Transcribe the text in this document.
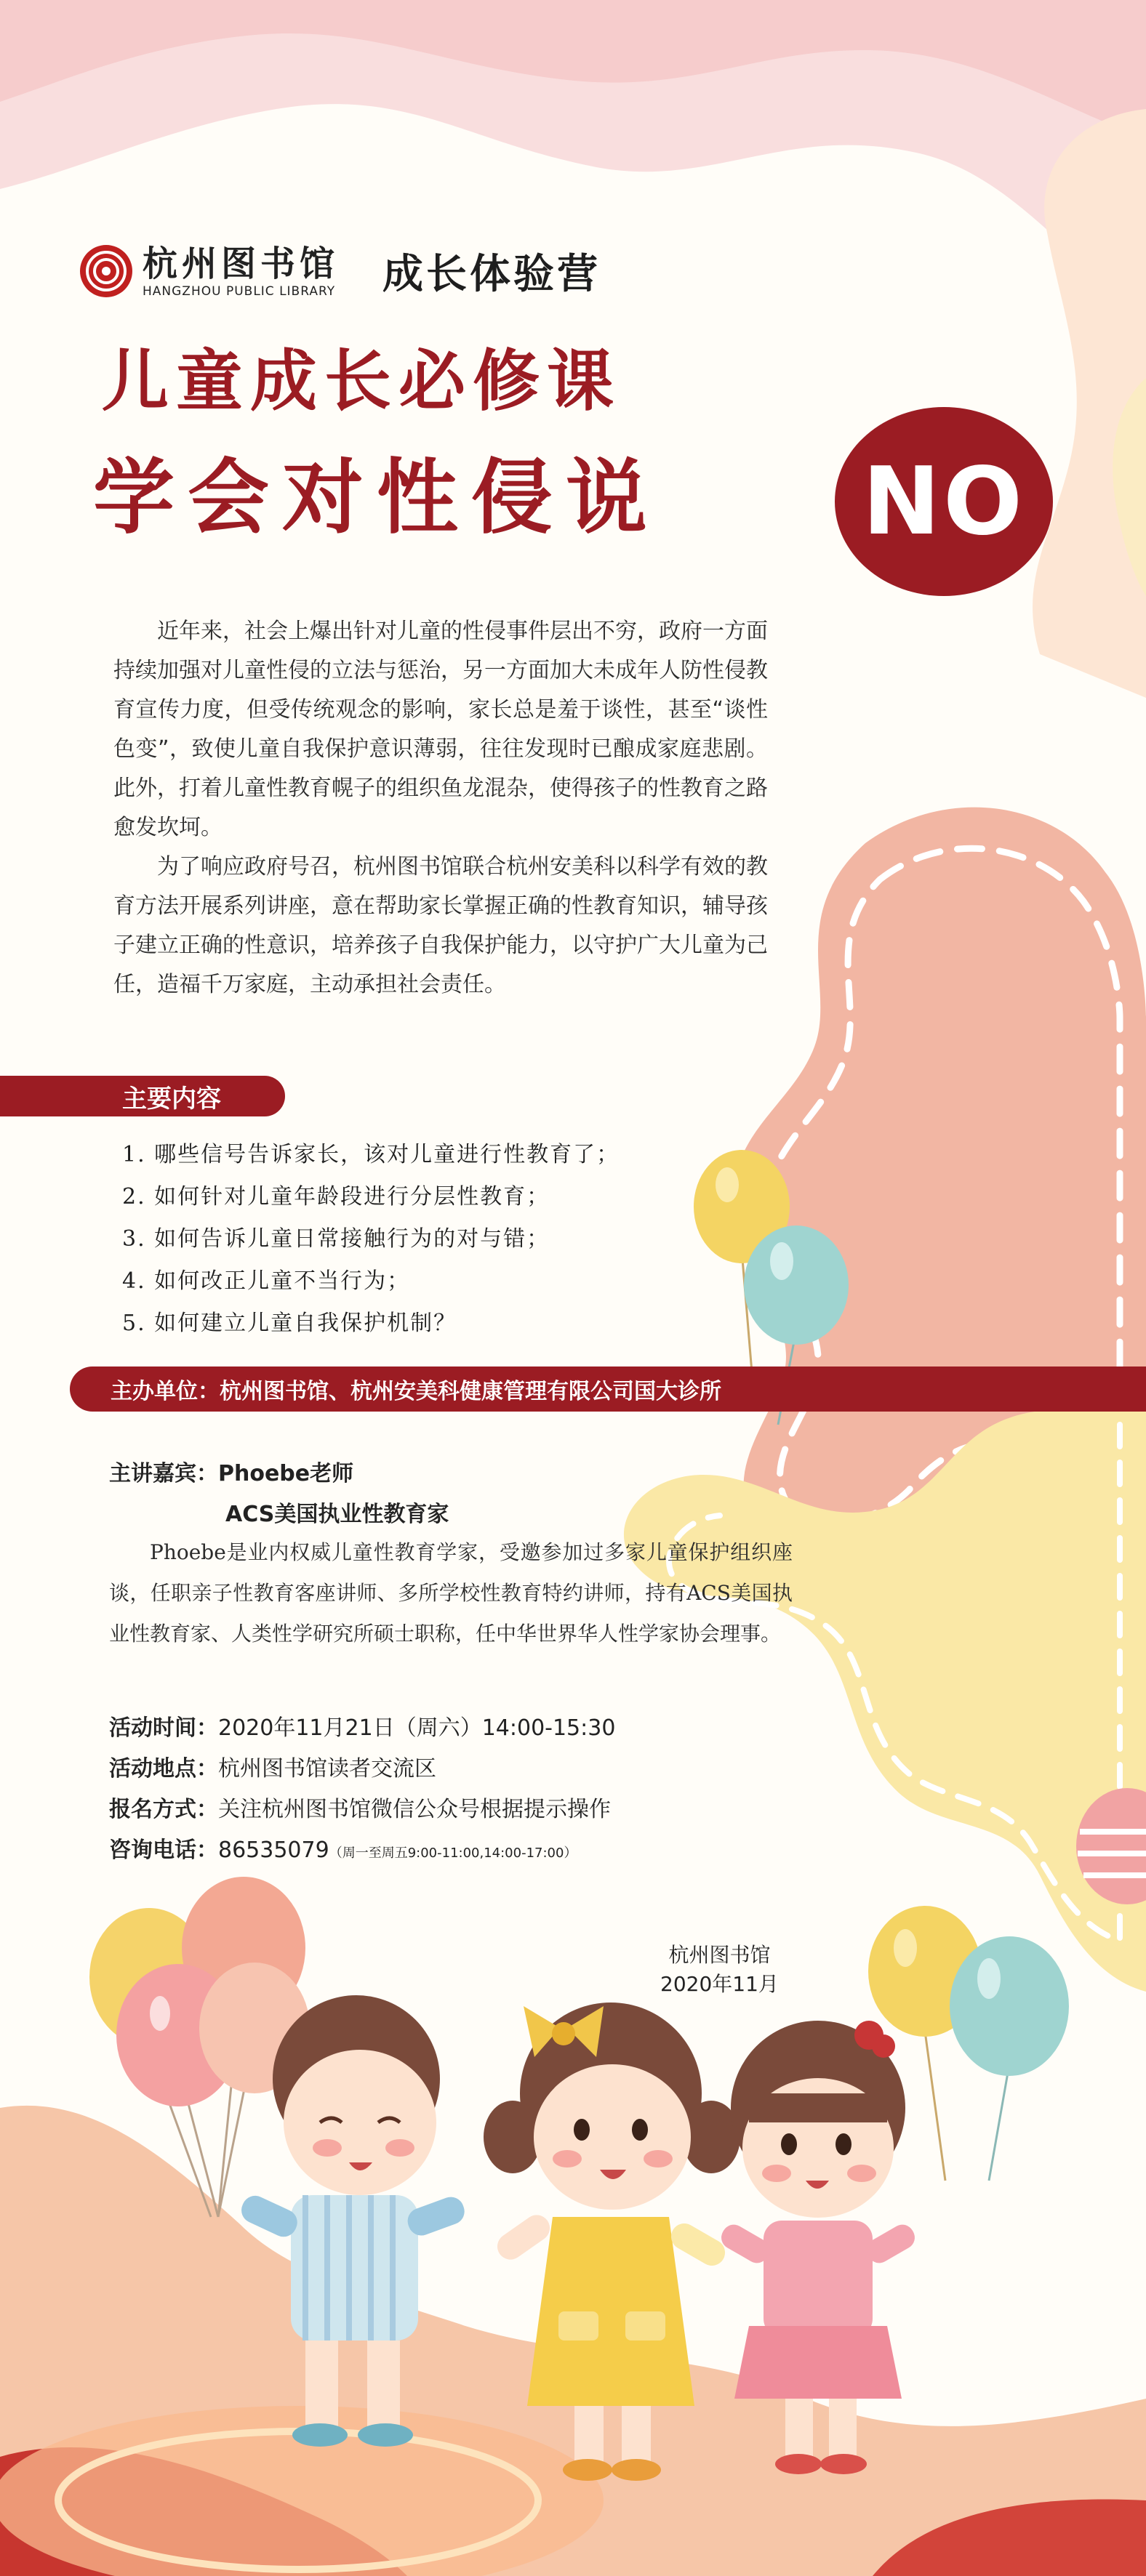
杭州图书馆
HANGZHOU PUBLIC LIBRARY 成长体验营
儿童成长必修课
学会对性侵说 NO

近年来，社会上爆出针对儿童的性侵事件层出不穷，政府一方面持续加强对儿童性侵的立法与惩治，另一方面加大未成年人防性侵教育宣传力度，但受传统观念的影响，家长总是羞于谈性，甚至“谈性色变”，致使儿童自我保护意识薄弱，往往发现时已酿成家庭悲剧。此外，打着儿童性教育幌子的组织鱼龙混杂，使得孩子的性教育之路愈发坎坷。

为了响应政府号召，杭州图书馆联合杭州安美科以科学有效的教育方法开展系列讲座，意在帮助家长掌握正确的性教育知识，辅导孩子建立正确的性意识，培养孩子自我保护能力，以守护广大儿童为己任，造福千万家庭，主动承担社会责任。

主要内容
1. 哪些信号告诉家长，该对儿童进行性教育了；
2. 如何针对儿童年龄段进行分层性教育；
3. 如何告诉儿童日常接触行为的对与错；
4. 如何改正儿童不当行为；
5. 如何建立儿童自我保护机制？
主办单位：杭州图书馆、杭州安美科健康管理有限公司国大诊所
主讲嘉宾：Phoebe老师
ACS美国执业性教育家

Phoebe是业内权威儿童性教育学家，受邀参加过多家儿童保护组织座谈，任职亲子性教育客座讲师、多所学校性教育特约讲师，持有ACS美国执业性教育家、人类性学研究所硕士职称，任中华世界华人性学家协会理事。

活动时间：2020年11月21日（周六）14:00-15:30
活动地点：杭州图书馆读者交流区
报名方式：关注杭州图书馆微信公众号根据提示操作
咨询电话：86535079（周一至周五9:00-11:00,14:00-17:00）
杭州图书馆
2020年11月
